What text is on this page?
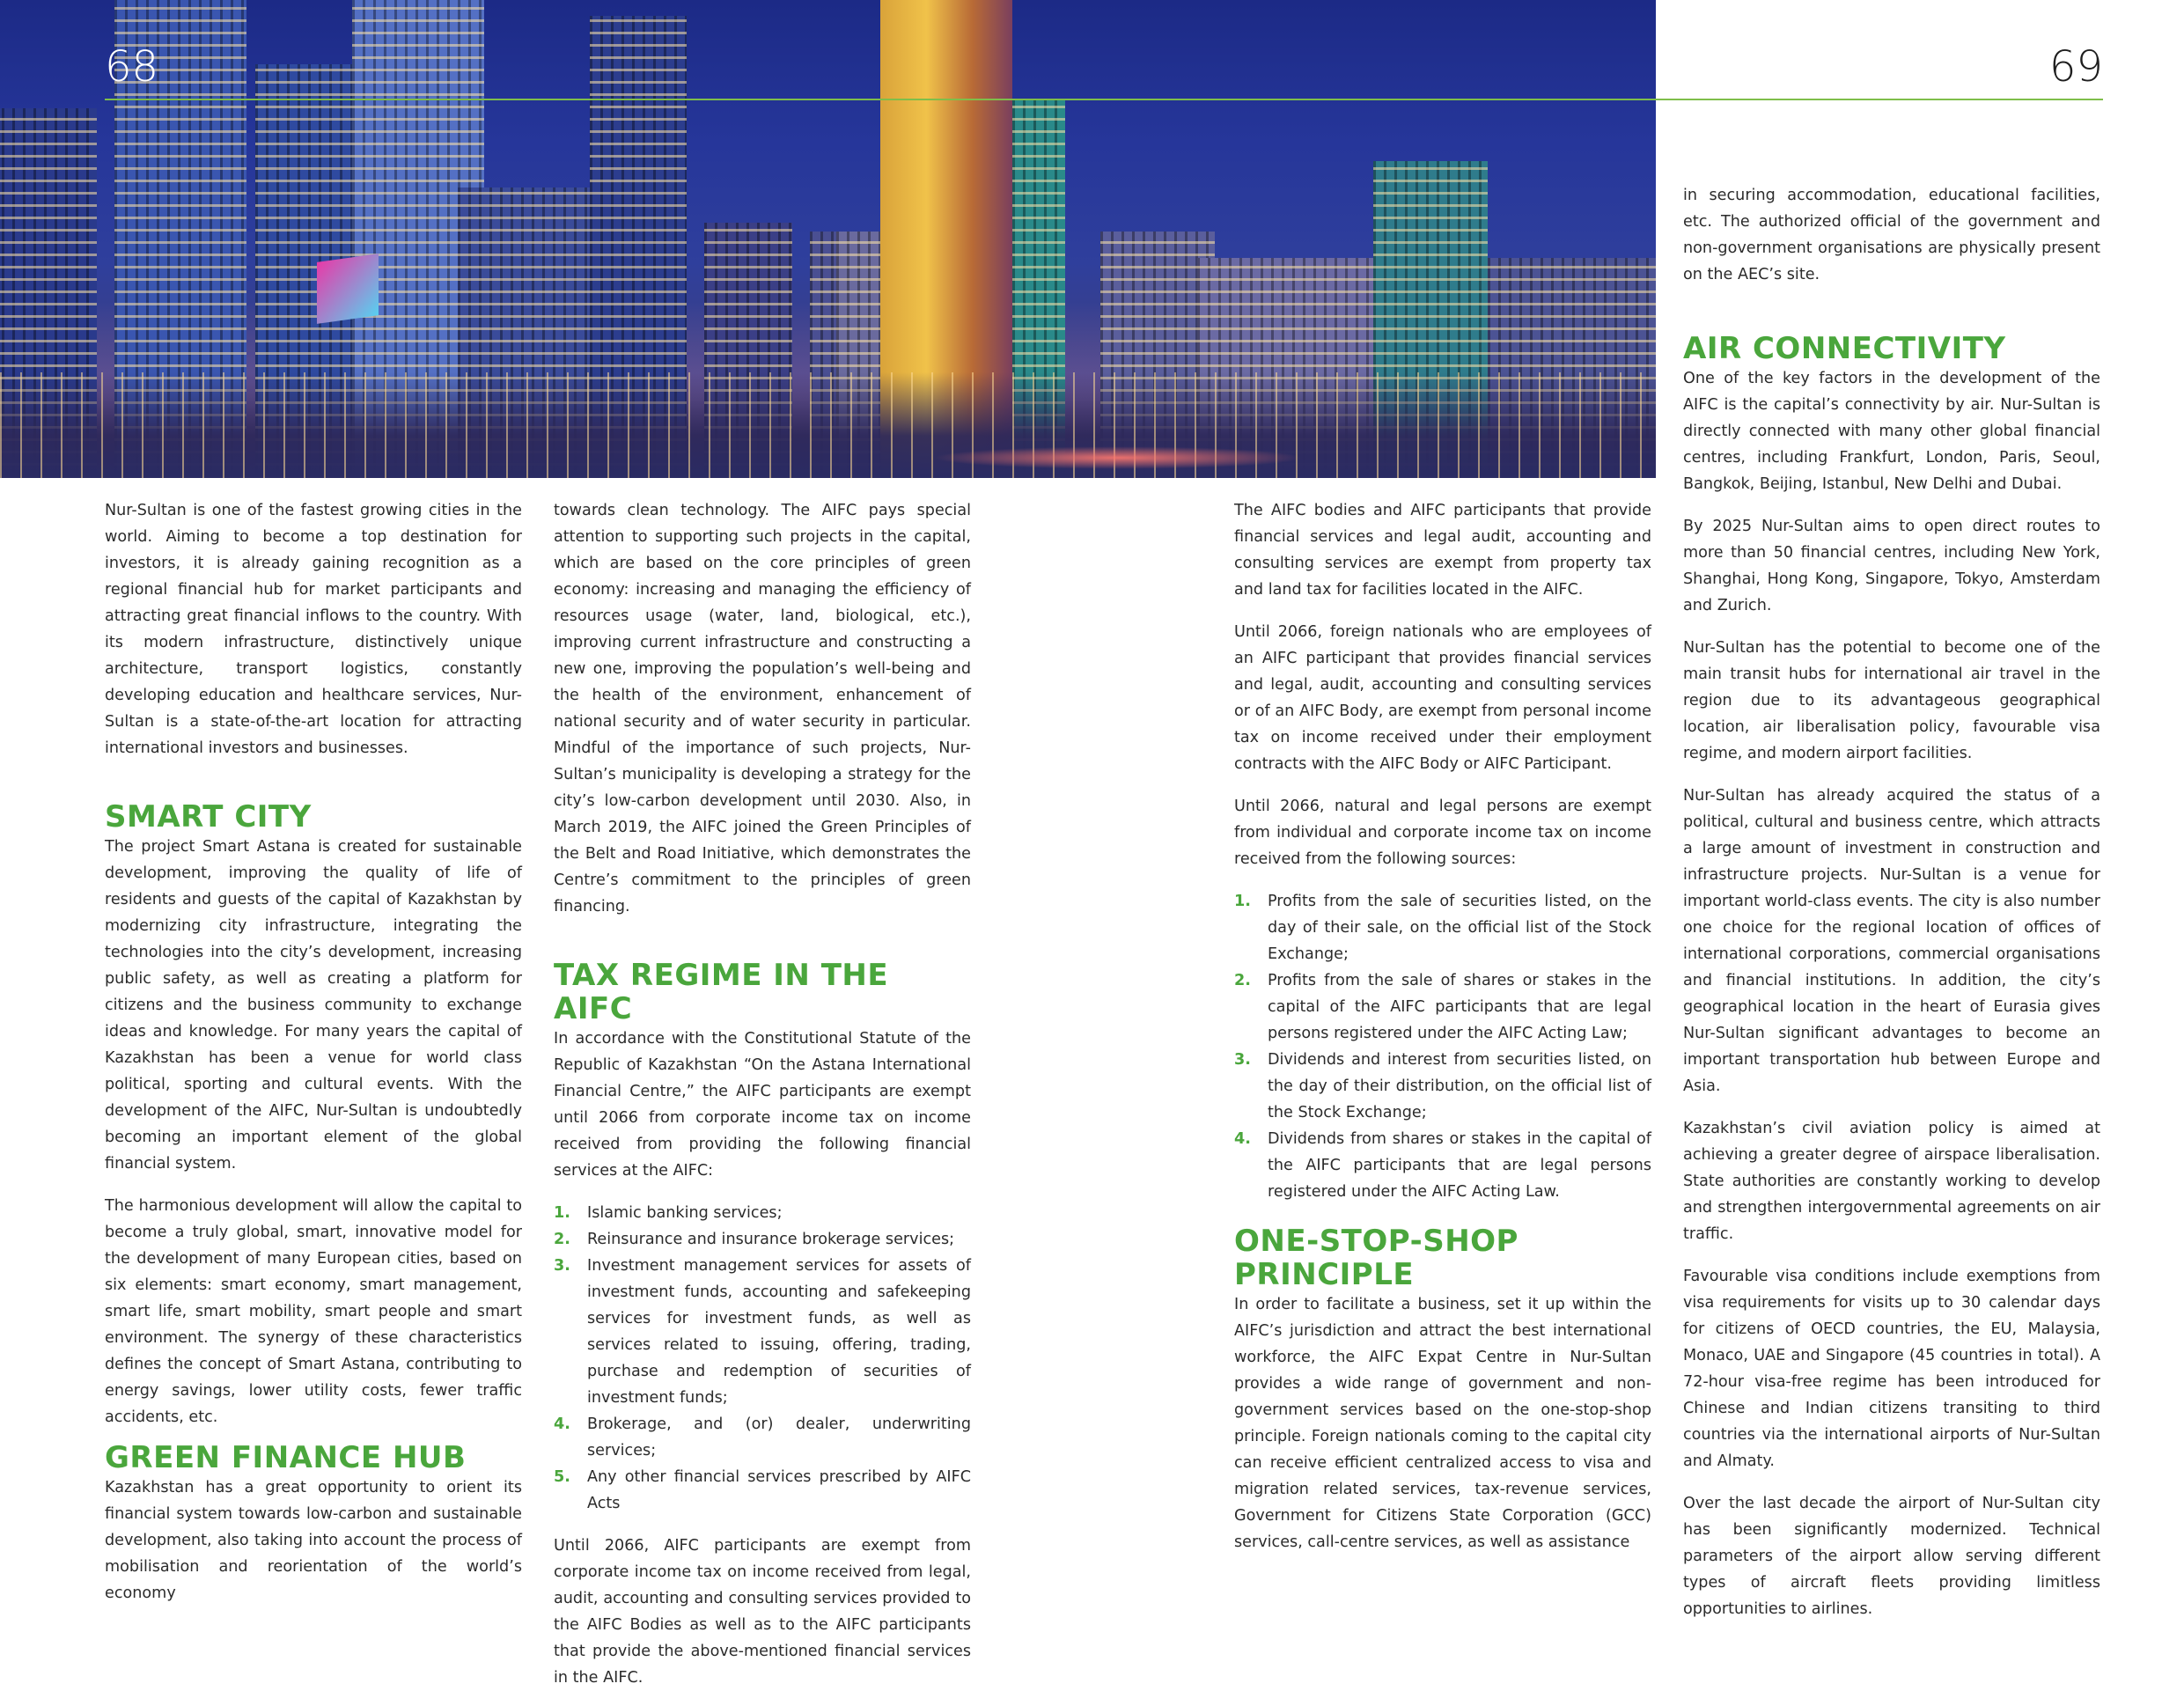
68	69

Nur-Sultan is one of the fastest growing cities in the world. Aiming to become a top destination for investors, it is already gaining recognition as a regional financial hub for market participants and attracting great financial inflows to the country. With its modern infrastructure, distinctively unique architecture, transport logistics, constantly developing education and healthcare services, Nur-Sultan is a state-of-the-art location for attracting international investors and businesses.

SMART CITY

The project Smart Astana is created for sustainable development, improving the quality of life of residents and guests of the capital of Kazakhstan by modernizing city infrastructure, integrating the technologies into the city’s development, increasing public safety, as well as creating a platform for citizens and the business community to exchange ideas and knowledge. For many years the capital of Kazakhstan has been a venue for world class political, sporting and cultural events. With the development of the AIFC, Nur-Sultan is undoubtedly becoming an important element of the global financial system.

The harmonious development will allow the capital to become a truly global, smart, innovative model for the development of many European cities, based on six elements: smart economy, smart management, smart life, smart mobility, smart people and smart environment. The synergy of these characteristics defines the concept of Smart Astana, contributing to energy savings, lower utility costs, fewer traffic accidents, etc.

GREEN FINANCE HUB

Kazakhstan has a great opportunity to orient its financial system towards low-carbon and sustainable development, also taking into account the process of mobilisation and reorientation of the world’s economy

towards clean technology. The AIFC pays special attention to supporting such projects in the capital, which are based on the core principles of green economy: increasing and managing the efficiency of resources usage (water, land, biological, etc.), improving current infrastructure and constructing a new one, improving the population’s well-being and the health of the environment, enhancement of national security and of water security in particular. Mindful of the importance of such projects, Nur-Sultan’s municipality is developing a strategy for the city’s low-carbon development until 2030. Also, in March 2019, the AIFC joined the Green Principles of the Belt and Road Initiative, which demonstrates the Centre’s commitment to the principles of green financing.

TAX REGIME IN THE AIFC

In accordance with the Constitutional Statute of the Republic of Kazakhstan “On the Astana International Financial Centre,” the AIFC participants are exempt until 2066 from corporate income tax on income received from providing the following financial services at the AIFC:

1. Islamic banking services;
2. Reinsurance and insurance brokerage services;
3. Investment management services for assets of investment funds, accounting and safekeeping services for investment funds, as well as services related to issuing, offering, trading, purchase and redemption of securities of investment funds;
4. Brokerage, and (or) dealer, underwriting services;
5. Any other financial services prescribed by AIFC Acts

Until 2066, AIFC participants are exempt from corporate income tax on income received from legal, audit, accounting and consulting services provided to the AIFC Bodies as well as to the AIFC participants that provide the above-mentioned financial services in the AIFC.

The AIFC bodies and AIFC participants that provide financial services and legal audit, accounting and consulting services are exempt from property tax and land tax for facilities located in the AIFC.

Until 2066, foreign nationals who are employees of an AIFC participant that provides financial services and legal, audit, accounting and consulting services or of an AIFC Body, are exempt from personal income tax on income received under their employment contracts with the AIFC Body or AIFC Participant.

Until 2066, natural and legal persons are exempt from individual and corporate income tax on income received from the following sources:

1. Profits from the sale of securities listed, on the day of their sale, on the official list of the Stock Exchange;
2. Profits from the sale of shares or stakes in the capital of the AIFC participants that are legal persons registered under the AIFC Acting Law;
3. Dividends and interest from securities listed, on the day of their distribution, on the official list of the Stock Exchange;
4. Dividends from shares or stakes in the capital of the AIFC participants that are legal persons registered under the AIFC Acting Law.
ONE-STOP-SHOP
PRINCIPLE

In order to facilitate a business, set it up within the AIFC’s jurisdiction and attract the best international workforce, the AIFC Expat Centre in Nur-Sultan provides a wide range of government and non-government services based on the one-stop-shop principle. Foreign nationals coming to the capital city can receive efficient centralized access to visa and migration related services, tax-revenue services, Government for Citizens State Corporation (GCC) services, call-centre services, as well as assistance

in securing accommodation, educational facilities, etc. The authorized official of the government and non-government organisations are physically present on the AEC’s site.

AIR CONNECTIVITY

One of the key factors in the development of the AIFC is the capital’s connectivity by air. Nur-Sultan is directly connected with many other global financial centres, including Frankfurt, London, Paris, Seoul, Bangkok, Beijing, Istanbul, New Delhi and Dubai.

By 2025 Nur-Sultan aims to open direct routes to more than 50 financial centres, including New York, Shanghai, Hong Kong, Singapore, Tokyo, Amsterdam and Zurich.

Nur-Sultan has the potential to become one of the main transit hubs for international air travel in the region due to its advantageous geographical location, air liberalisation policy, favourable visa regime, and modern airport facilities.

Nur-Sultan has already acquired the status of a political, cultural and business centre, which attracts a large amount of investment in construction and infrastructure projects. Nur-Sultan is a venue for important world-class events. The city is also number one choice for the regional location of offices of international corporations, commercial organisations and financial institutions. In addition, the city’s geographical location in the heart of Eurasia gives Nur-Sultan significant advantages to become an important transportation hub between Europe and Asia.

Kazakhstan’s civil aviation policy is aimed at achieving a greater degree of airspace liberalisation. State authorities are constantly working to develop and strengthen intergovernmental agreements on air traffic.

Favourable visa conditions include exemptions from visa requirements for visits up to 30 calendar days for citizens of OECD countries, the EU, Malaysia, Monaco, UAE and Singapore (45 countries in total). A 72-hour visa-free regime has been introduced for Chinese and Indian citizens transiting to third countries via the international airports of Nur-Sultan and Almaty.

Over the last decade the airport of Nur-Sultan city has been significantly modernized. Technical parameters of the airport allow serving different types of aircraft fleets providing limitless opportunities to airlines.
